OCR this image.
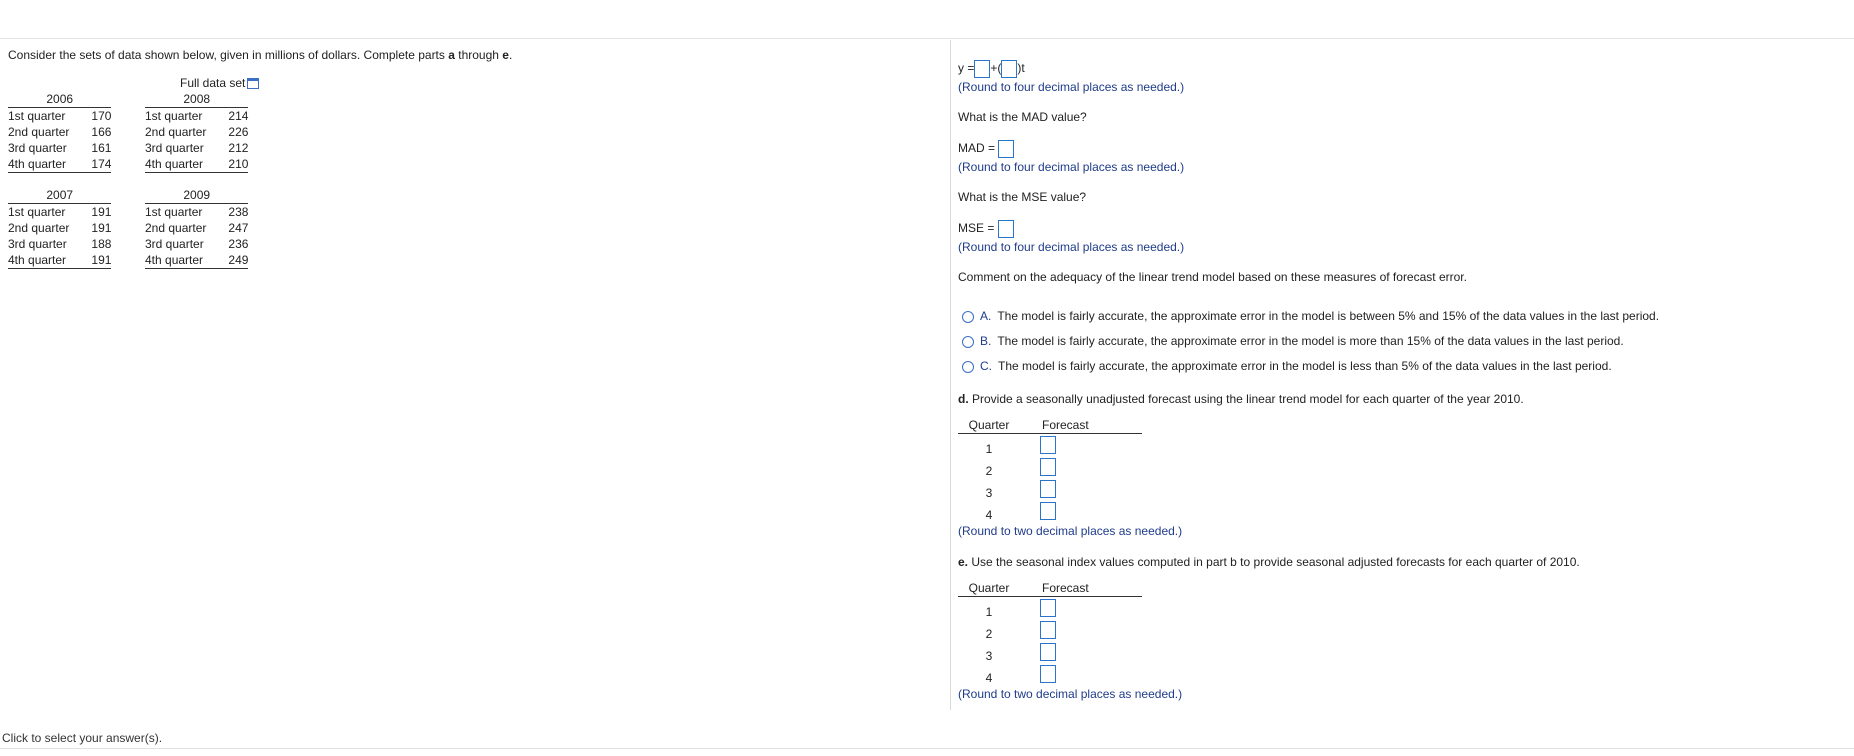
Consider the sets of data shown below, given in millions of dollars. Complete parts a through e.
Full data set
2006	
1st quarter	170
2nd quarter	166
3rd quarter	161
4th quarter	174
2008	
1st quarter	214
2nd quarter	226
3rd quarter	212
4th quarter	210
2007	
1st quarter	191
2nd quarter	191
3rd quarter	188
4th quarter	191
2009	
1st quarter	238
2nd quarter	247
3rd quarter	236
4th quarter	249
y = +( )t
(Round to four decimal places as needed.)
What is the MAD value?
MAD =
(Round to four decimal places as needed.)
What is the MSE value?
MSE =
(Round to four decimal places as needed.)
Comment on the adequacy of the linear trend model based on these measures of forecast error.
A. The model is fairly accurate, the approximate error in the model is between 5% and 15% of the data values in the last period.
B. The model is fairly accurate, the approximate error in the model is more than 15% of the data values in the last period.
C. The model is fairly accurate, the approximate error in the model is less than 5% of the data values in the last period.
d. Provide a seasonally unadjusted forecast using the linear trend model for each quarter of the year 2010.
Quarter	Forecast
1	
2	
3	
4	
(Round to two decimal places as needed.)
e. Use the seasonal index values computed in part b to provide seasonal adjusted forecasts for each quarter of 2010.
Quarter	Forecast
1	
2	
3	
4	
(Round to two decimal places as needed.)
Click to select your answer(s).
